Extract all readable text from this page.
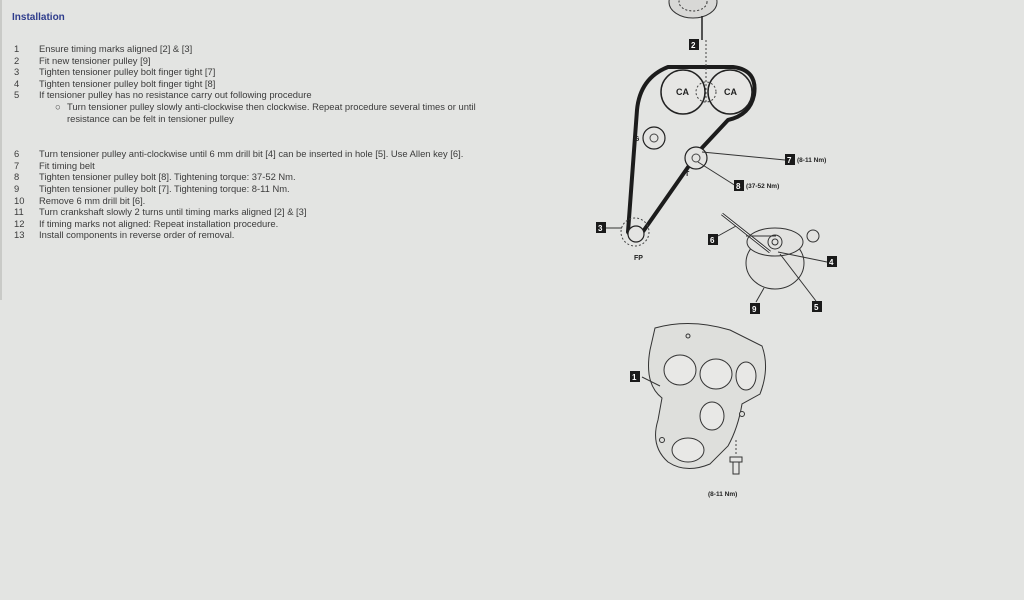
Installation
1	Ensure timing marks aligned [2] & [3]
2	Fit new tensioner pulley [9]
3	Tighten tensioner pulley bolt finger tight [7]
4	Tighten tensioner pulley bolt finger tight [8]
5	If tensioner pulley has no resistance carry out following procedure
○ Turn tensioner pulley slowly anti-clockwise then clockwise. Repeat procedure several times or until resistance can be felt in tensioner pulley
6	Turn tensioner pulley anti-clockwise until 6 mm drill bit [4] can be inserted in hole [5]. Use Allen key [6].
7	Fit timing belt
8	Tighten tensioner pulley bolt [8]. Tightening torque: 37-52 Nm.
9	Tighten tensioner pulley bolt [7]. Tightening torque: 8-11 Nm.
10	Remove 6 mm drill bit [6].
11	Turn crankshaft slowly 2 turns until timing marks aligned [2] & [3]
12	If timing marks not aligned: Repeat installation procedure.
13	Install components in reverse order of removal.
CA	CA
G
T
FP
2
3
7 (8-11 Nm)
8 (37-52 Nm)
6
4
5
9
1
(8-11 Nm)
